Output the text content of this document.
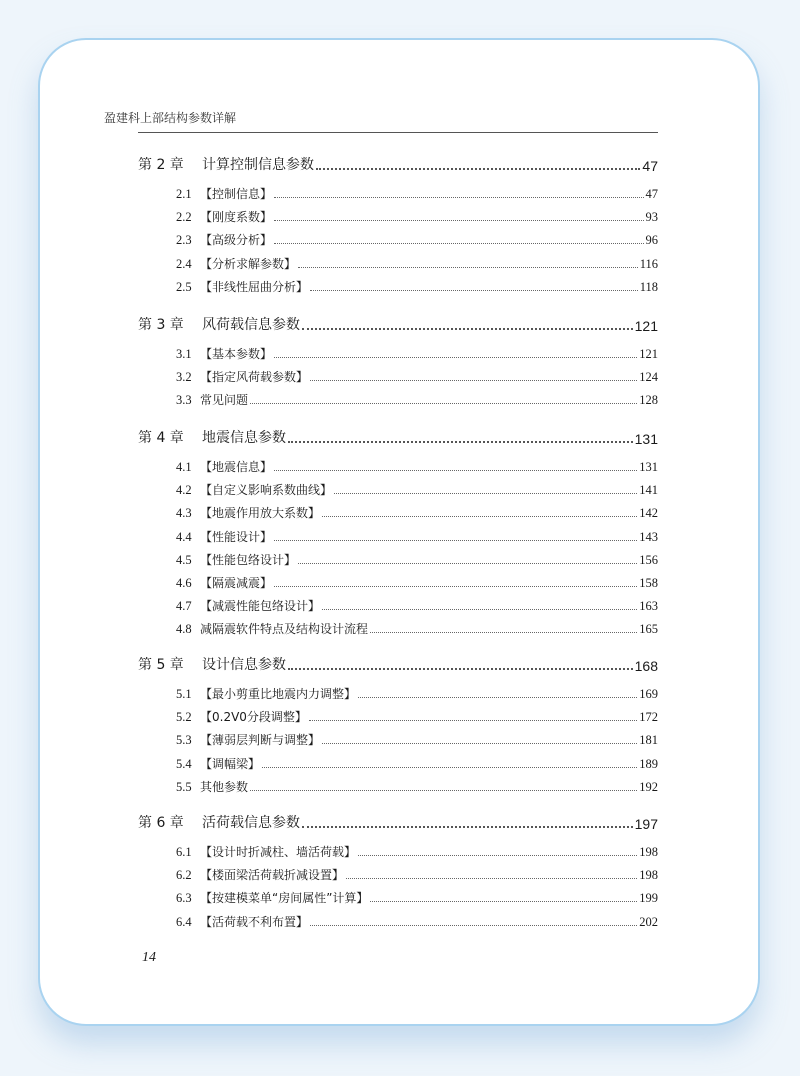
盈建科上部结构参数详解
第 2 章	计算控制信息参数	47
2.1 【控制信息】	47
2.2 【刚度系数】	93
2.3 【高级分析】	96
2.4 【分析求解参数】	116
2.5 【非线性屈曲分析】	118
第 3 章	风荷载信息参数	121
3.1 【基本参数】	121
3.2 【指定风荷载参数】	124
3.3 常见问题	128
第 4 章	地震信息参数	131
4.1 【地震信息】	131
4.2 【自定义影响系数曲线】	141
4.3 【地震作用放大系数】	142
4.4 【性能设计】	143
4.5 【性能包络设计】	156
4.6 【隔震减震】	158
4.7 【减震性能包络设计】	163
4.8 减隔震软件特点及结构设计流程	165
第 5 章	设计信息参数	168
5.1 【最小剪重比地震内力调整】	169
5.2 【0.2V0分段调整】	172
5.3 【薄弱层判断与调整】	181
5.4 【调幅梁】	189
5.5 其他参数	192
第 6 章	活荷载信息参数	197
6.1 【设计时折减柱、墙活荷载】	198
6.2 【楼面梁活荷载折减设置】	198
6.3 【按建模菜单“房间属性”计算】	199
6.4 【活荷载不利布置】	202
14
